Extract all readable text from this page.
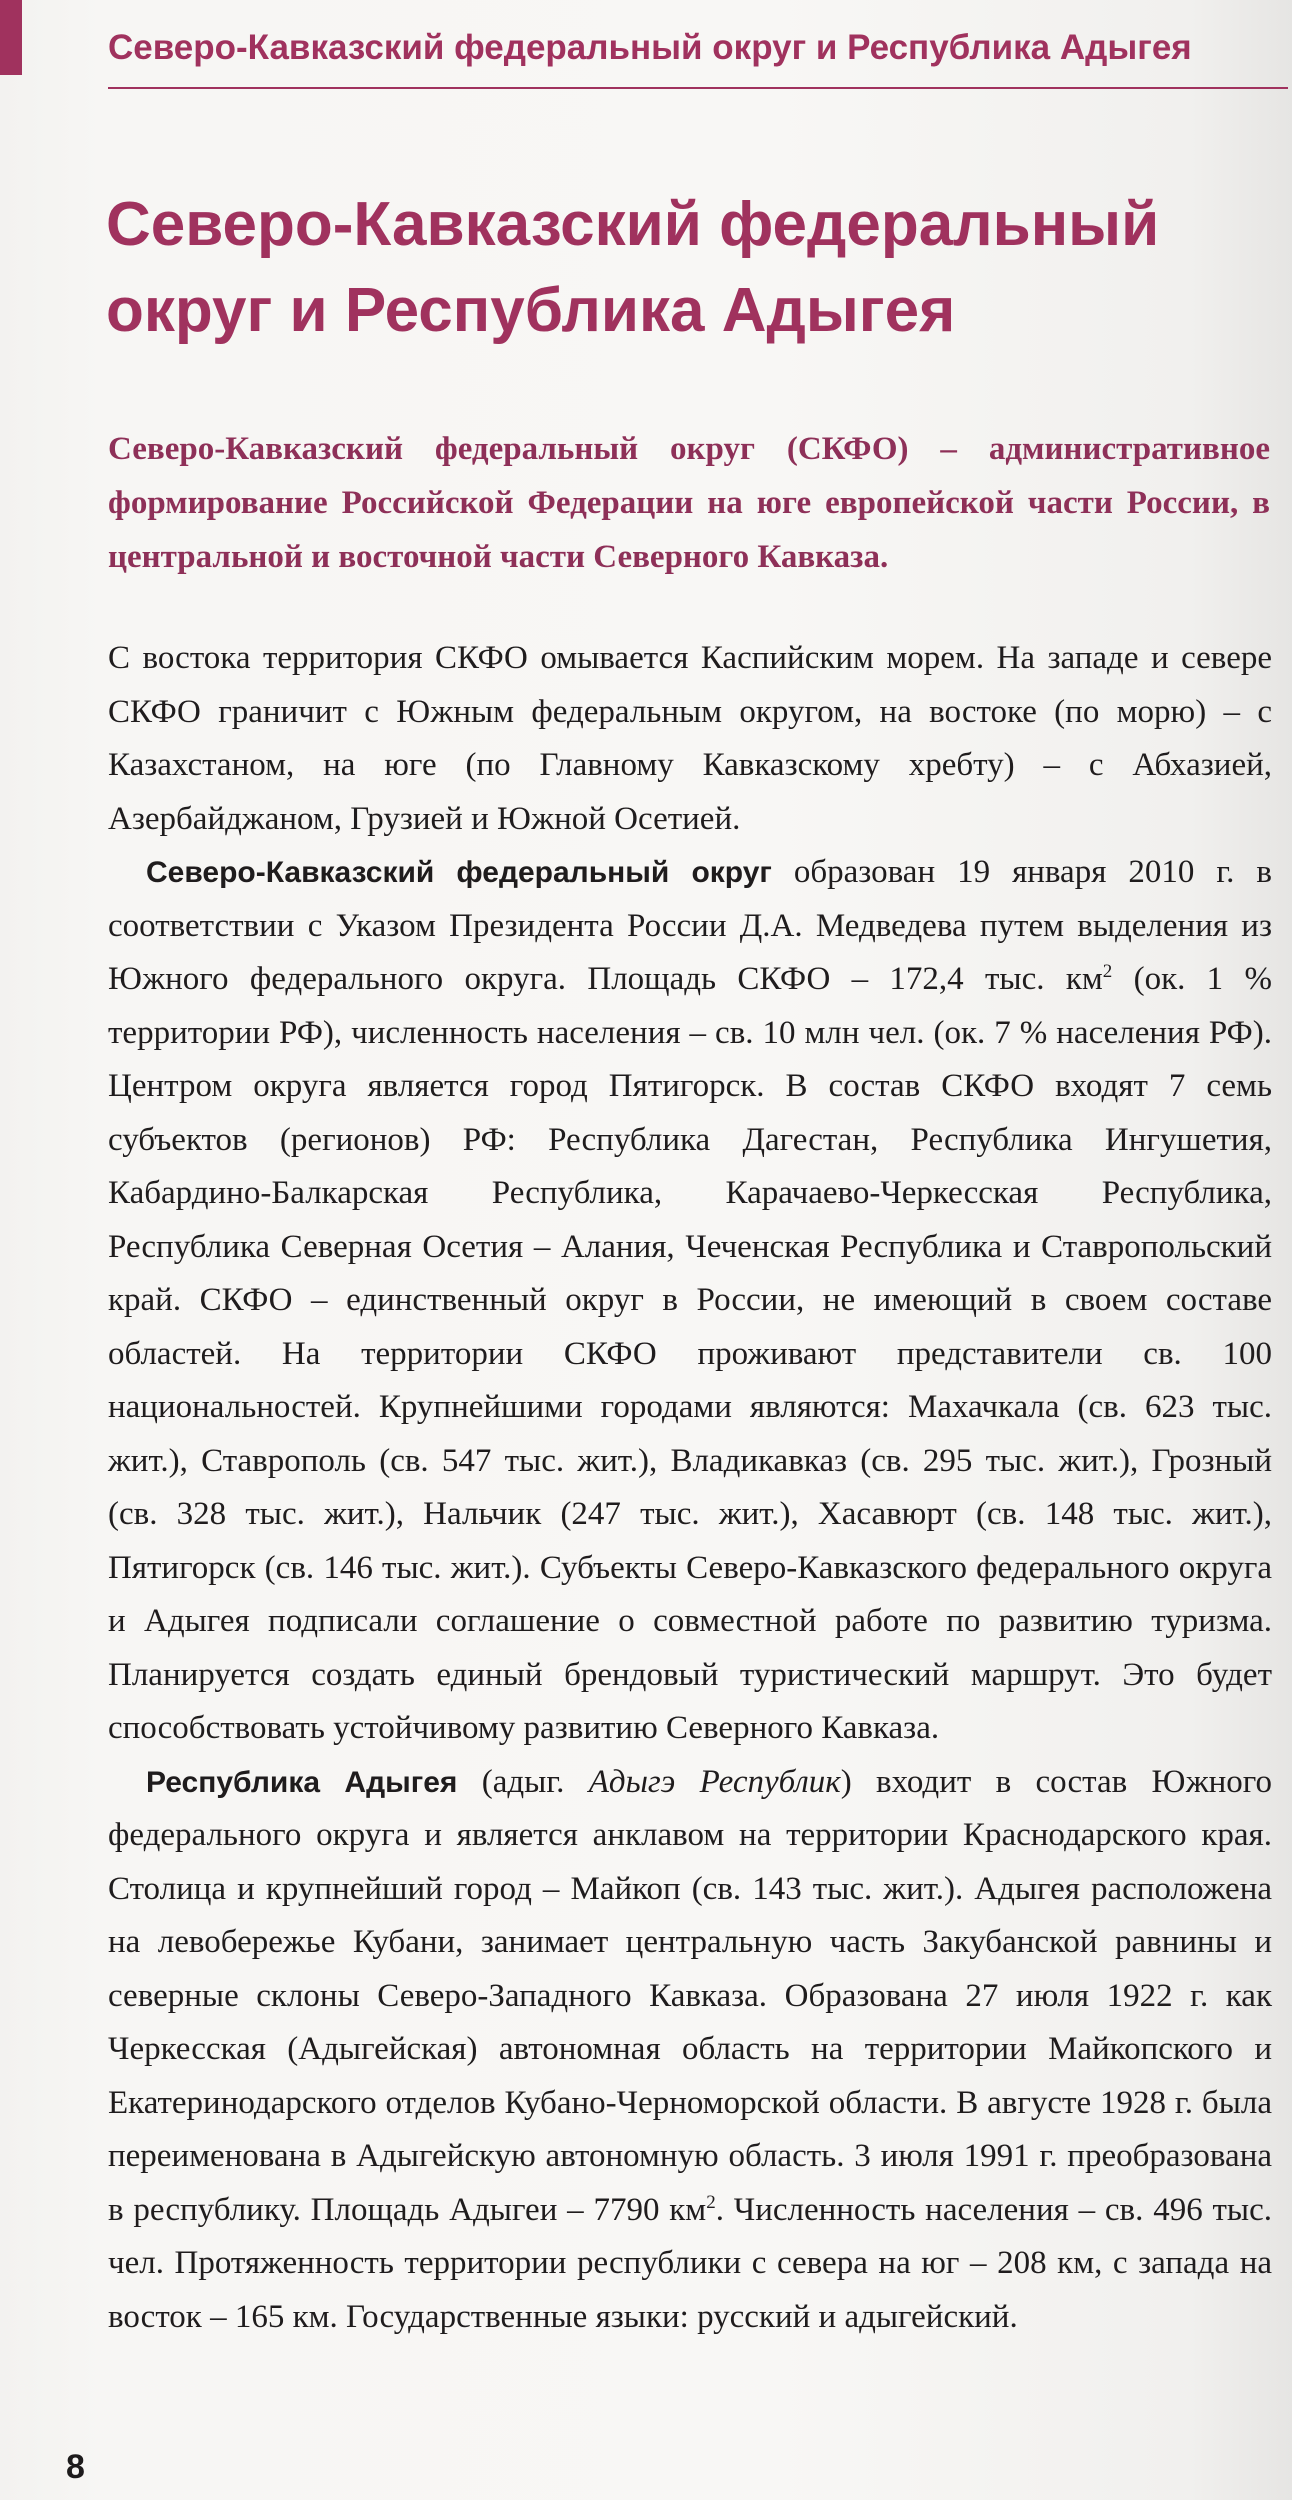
Северо-Кавказский федеральный округ и Республика Адыгея
Северо-Кавказский федеральный
округ и Республика Адыгея

Северо-Кавказский федеральный округ (СКФО) – административное формирование Российской Федерации на юге европейской части России, в центральной и восточной части Северного Кавказа.

С востока территория СКФО омывается Каспийским морем. На западе и севере СКФО граничит с Южным федеральным округом, на востоке (по морю) – с Казахстаном, на юге (по Главному Кавказскому хребту) – с Абхазией, Азербайджаном, Грузией и Южной Осетией.

Северо-Кавказский федеральный округ образован 19 января 2010 г. в соответствии с Указом Президента России Д.А. Медведева путем выделения из Южного федерального округа. Площадь СКФО – 172,4 тыс. $км^2$ (ок. 1 % территории РФ), численность населения – св. 10 млн чел. (ок. 7 % населения РФ). Центром округа является город Пятигорск. В состав СКФО входят 7 семь субъектов (регионов) РФ: Республика Дагестан, Республика Ингушетия, Кабардино-Балкарская Республика, Карачаево-Черкесская Республика, Республика Северная Осетия – Алания, Чеченская Республика и Ставропольский край. СКФО – единственный округ в России, не имеющий в своем составе областей. На территории СКФО проживают представители св. 100 национальностей. Крупнейшими городами являются: Махачкала (св. 623 тыс. жит.), Ставрополь (св. 547 тыс. жит.), Владикавказ (св. 295 тыс. жит.), Грозный (св. 328 тыс. жит.), Нальчик (247 тыс. жит.), Хасавюрт (св. 148 тыс. жит.), Пятигорск (св. 146 тыс. жит.). Субъекты Северо-Кавказского федерального округа и Адыгея подписали соглашение о совместной работе по развитию туризма. Планируется создать единый брендовый туристический маршрут. Это будет способствовать устойчивому развитию Северного Кавказа.

Республика Адыгея (адыг. Адыгэ Республик) входит в состав Южного федерального округа и является анклавом на территории Краснодарского края. Столица и крупнейший город – Майкоп (св. 143 тыс. жит.). Адыгея расположена на левобережье Кубани, занимает центральную часть Закубанской равнины и северные склоны Северо-Западного Кавказа. Образована 27 июля 1922 г. как Черкесская (Адыгейская) автономная область на территории Майкопского и Екатеринодарского отделов Кубано-Черноморской области. В августе 1928 г. была переименована в Адыгейскую автономную область. 3 июля 1991 г. преобразована в республику. Площадь Адыгеи – 7790 $км^2$. Численность населения – св. 496 тыс. чел. Протяженность территории республики с севера на юг – 208 км, с запада на восток – 165 км. Государственные языки: русский и адыгейский.

8
